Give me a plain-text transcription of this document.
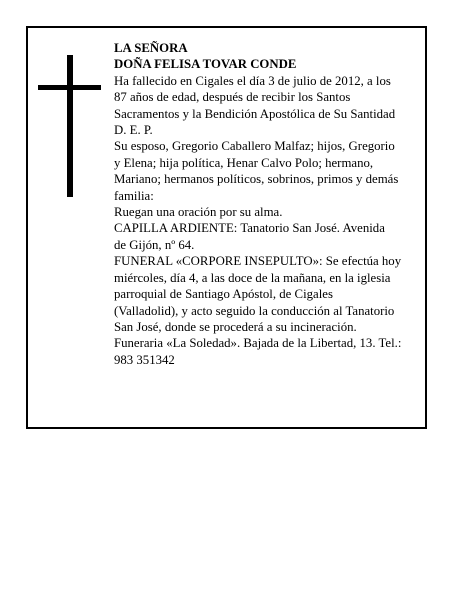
LA SEÑORA
DOÑA FELISA TOVAR CONDE
Ha fallecido en Cigales el día 3 de julio de 2012, a los
87 años de edad, después de recibir los Santos
Sacramentos y la Bendición Apostólica de Su Santidad
D. E. P.
Su esposo, Gregorio Caballero Malfaz; hijos, Gregorio
y Elena; hija política, Henar Calvo Polo; hermano,
Mariano; hermanos políticos, sobrinos, primos y demás
familia:
Ruegan una oración por su alma.
CAPILLA ARDIENTE: Tanatorio San José. Avenida
de Gijón, nº 64.
FUNERAL «CORPORE INSEPULTO»: Se efectúa hoy
miércoles, día 4, a las doce de la mañana, en la iglesia
parroquial de Santiago Apóstol, de Cigales
(Valladolid), y acto seguido la conducción al Tanatorio
San José, donde se procederá a su incineración.
Funeraria «La Soledad». Bajada de la Libertad, 13. Tel.:
983 351342
